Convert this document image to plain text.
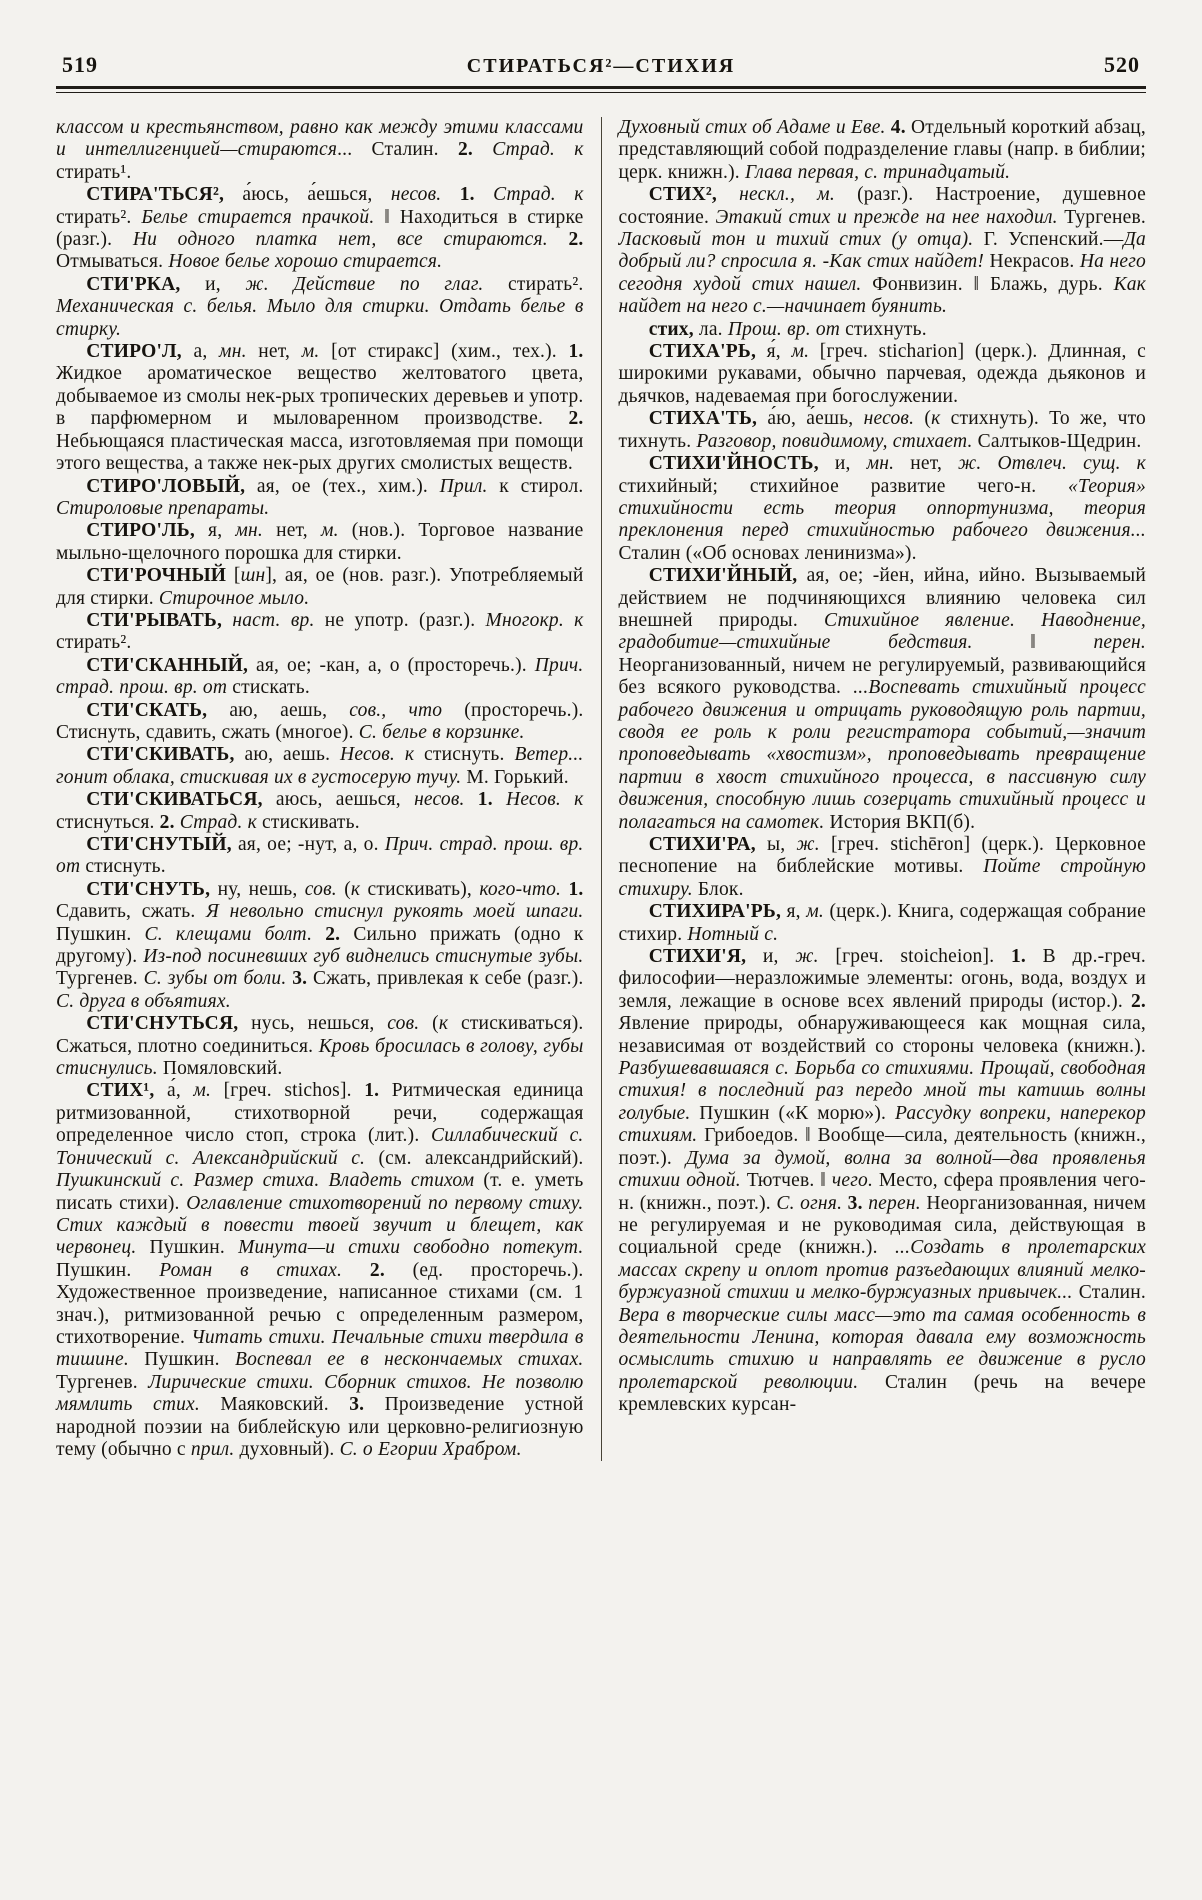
519	СТИРАТЬСЯ²—СТИХИЯ	520

классом и крестьянством, равно как между этими классами и интеллигенцией—стираются... Сталин. 2. Страд. к стирать¹.

СТИРА'ТЬСЯ², а́юсь, а́ешься, несов. 1. Страд. к стирать². Белье стирается прачкой. ‖ Находиться в стирке (разг.). Ни одного платка нет, все стираются. 2. Отмываться. Новое белье хорошо стирается.

СТИ'РКА, и, ж. Действие по глаг. стирать². Механическая с. белья. Мыло для стирки. Отдать белье в стирку.

СТИРО'Л, а, мн. нет, м. [от стиракс] (хим., тех.). 1. Жидкое ароматическое вещество желтоватого цвета, добываемое из смолы нек-рых тропических деревьев и употр. в парфюмерном и мыловаренном производстве. 2. Небьющаяся пластическая масса, изготовляемая при помощи этого вещества, а также нек-рых других смолистых веществ.

СТИРО'ЛОВЫЙ, ая, ое (тех., хим.). Прил. к стирол. Стироловые препараты.

СТИРО'ЛЬ, я, мн. нет, м. (нов.). Торговое название мыльно-щелочного порошка для стирки.

СТИ'РОЧНЫЙ [шн], ая, ое (нов. разг.). Употребляемый для стирки. Стирочное мыло.

СТИ'РЫВАТЬ, наст. вр. не употр. (разг.). Многокр. к стирать².

СТИ'СКАННЫЙ, ая, ое; -кан, а, о (просторечь.). Прич. страд. прош. вр. от стискать.

СТИ'СКАТЬ, аю, аешь, сов., что (просторечь.). Стиснуть, сдавить, сжать (многое). С. белье в корзинке.

СТИ'СКИВАТЬ, аю, аешь. Несов. к стиснуть. Ветер... гонит облака, стискивая их в густосерую тучу. М. Горький.

СТИ'СКИВАТЬСЯ, аюсь, аешься, несов. 1. Несов. к стиснуться. 2. Страд. к стискивать.

СТИ'СНУТЫЙ, ая, ое; -нут, а, о. Прич. страд. прош. вр. от стиснуть.

СТИ'СНУТЬ, ну, нешь, сов. (к стискивать), кого-что. 1. Сдавить, сжать. Я невольно стиснул рукоять моей шпаги. Пушкин. С. клещами болт. 2. Сильно прижать (одно к другому). Из-под посиневших губ виднелись стиснутые зубы. Тургенев. С. зубы от боли. 3. Сжать, привлекая к себе (разг.). С. друга в объятиях.

СТИ'СНУТЬСЯ, нусь, нешься, сов. (к стискиваться). Сжаться, плотно соединиться. Кровь бросилась в голову, губы стиснулись. Помяловский.

СТИХ¹, а́, м. [греч. stichos]. 1. Ритмическая единица ритмизованной, стихотворной речи, содержащая определенное число стоп, строка (лит.). Силлабический с. Тонический с. Александрийский с. (см. александрийский). Пушкинский с. Размер стиха. Владеть стихом (т. е. уметь писать стихи). Оглавление стихотворений по первому стиху. Стих каждый в повести твоей звучит и блещет, как червонец. Пушкин. Минута—и стихи свободно потекут. Пушкин. Роман в стихах. 2. (ед. просторечь.). Художественное произведение, написанное стихами (см. 1 знач.), ритмизованной речью с определенным размером, стихотворение. Читать стихи. Печальные стихи твердила в тишине. Пушкин. Воспевал ее в нескончаемых стихах. Тургенев. Лирические стихи. Сборник стихов. Не позволю мямлить стих. Маяковский. 3. Произведение устной народной поэзии на библейскую или церковно-религиозную тему (обычно с прил. духовный). С. о Егории Храбром.

Духовный стих об Адаме и Еве. 4. Отдельный короткий абзац, представляющий собой подразделение главы (напр. в библии; церк. книжн.). Глава первая, с. тринадцатый.

СТИХ², нескл., м. (разг.). Настроение, душевное состояние. Этакий стих и прежде на нее находил. Тургенев. Ласковый тон и тихий стих (у отца). Г. Успенский.—Да добрый ли? спросила я. -Как стих найдет! Некрасов. На него сегодня худой стих нашел. Фонвизин. ‖ Блажь, дурь. Как найдет на него с.—начинает буянить.

стих, ла. Прош. вр. от стихнуть.

СТИХА'РЬ, я́, м. [греч. sticharion] (церк.). Длинная, с широкими рукавами, обычно парчевая, одежда дьяконов и дьячков, надеваемая при богослужении.

СТИХА'ТЬ, а́ю, а́ешь, несов. (к стихнуть). То же, что тихнуть. Разговор, повидимому, стихает. Салтыков-Щедрин.

СТИХИ'ЙНОСТЬ, и, мн. нет, ж. Отвлеч. сущ. к стихийный; стихийное развитие чего-н. «Теория» стихийности есть теория оппортунизма, теория преклонения перед стихийностью рабочего движения... Сталин («Об основах ленинизма»).

СТИХИ'ЙНЫЙ, ая, ое; -йен, ийна, ийно. Вызываемый действием не подчиняющихся влиянию человека сил внешней природы. Стихийное явление. Наводнение, градобитие—стихийные бедствия. ‖ перен. Неорганизованный, ничем не регулируемый, развивающийся без всякого руководства. ...Воспевать стихийный процесс рабочего движения и отрицать руководящую роль партии, сводя ее роль к роли регистратора событий,—значит проповедывать «хвостизм», проповедывать превращение партии в хвост стихийного процесса, в пассивную силу движения, способную лишь созерцать стихийный процесс и полагаться на самотек. История ВКП(б).

СТИХИ'РА, ы, ж. [греч. stichēron] (церк.). Церковное песнопение на библейские мотивы. Пойте стройную стихиру. Блок.

СТИХИРА'РЬ, я, м. (церк.). Книга, содержащая собрание стихир. Нотный с.

СТИХИ'Я, и, ж. [греч. stoicheion]. 1. В др.-греч. философии—неразложимые элементы: огонь, вода, воздух и земля, лежащие в основе всех явлений природы (истор.). 2. Явление природы, обнаруживающееся как мощная сила, независимая от воздействий со стороны человека (книжн.). Разбушевавшаяся с. Борьба со стихиями. Прощай, свободная стихия! в последний раз передо мной ты катишь волны голубые. Пушкин («К морю»). Рассудку вопреки, наперекор стихиям. Грибоедов. ‖ Вообще—сила, деятельность (книжн., поэт.). Дума за думой, волна за волной—два проявленья стихии одной. Тютчев. ‖ чего. Место, сфера проявления чего-н. (книжн., поэт.). С. огня. 3. перен. Неорганизованная, ничем не регулируемая и не руководимая сила, действующая в социальной среде (книжн.). ...Создать в пролетарских массах скрепу и оплот против разъедающих влияний мелко-буржуазной стихии и мелко-буржуазных привычек... Сталин. Вера в творческие силы масс—это та самая особенность в деятельности Ленина, которая давала ему возможность осмыслить стихию и направлять ее движение в русло пролетарской революции. Сталин (речь на вечере кремлевских курсан-
